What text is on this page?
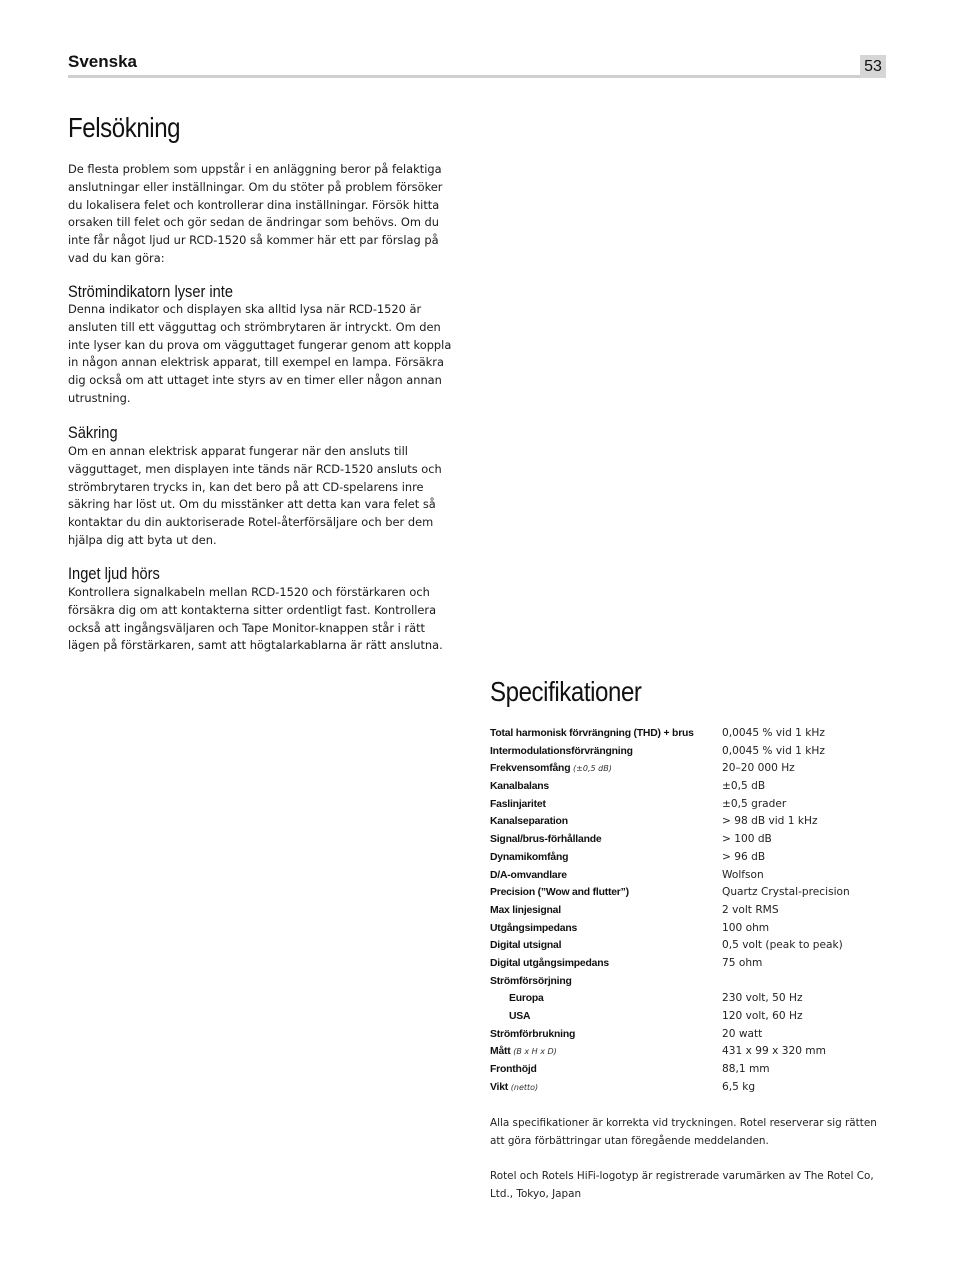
Svenska	53
Felsökning
De flesta problem som uppstår i en anläggning beror på felaktiga anslutningar eller inställningar. Om du stöter på problem försöker du lokalisera felet och kontrollerar dina inställningar. Försök hitta orsaken till felet och gör sedan de ändringar som behövs. Om du inte får något ljud ur RCD-1520 så kommer här ett par förslag på vad du kan göra:
Strömindikatorn lyser inte
Denna indikator och displayen ska alltid lysa när RCD-1520 är ansluten till ett vägguttag och strömbrytaren är intryckt. Om den inte lyser kan du prova om vägguttaget fungerar genom att koppla in någon annan elektrisk apparat, till exempel en lampa. Försäkra dig också om att uttaget inte styrs av en timer eller någon annan utrustning.
Säkring
Om en annan elektrisk apparat fungerar när den ansluts till vägguttaget, men displayen inte tänds när RCD-1520 ansluts och strömbrytaren trycks in, kan det bero på att CD-spelarens inre säkring har löst ut. Om du misstänker att detta kan vara felet så kontaktar du din auktoriserade Rotel-återförsäljare och ber dem hjälpa dig att byta ut den.
Inget ljud hörs
Kontrollera signalkabeln mellan RCD-1520 och förstärkaren och försäkra dig om att kontakterna sitter ordentligt fast. Kontrollera också att ingångsväljaren och Tape Monitor-knappen står i rätt lägen på förstärkaren, samt att högtalarkablarna är rätt anslutna.
Specifikationer
Total harmonisk förvrängning (THD) + brus	0,0045 % vid 1 kHz
Intermodulationsförvrängning	0,0045 % vid 1 kHz
Frekvensomfång (±0,5 dB)	20–20 000 Hz
Kanalbalans	±0,5 dB
Faslinjaritet	±0,5 grader
Kanalseparation	> 98 dB vid 1 kHz
Signal/brus-förhållande	> 100 dB
Dynamikomfång	> 96 dB
D/A-omvandlare	Wolfson
Precision (”Wow and flutter”)	Quartz Crystal-precision
Max linjesignal	2 volt RMS
Utgångsimpedans	100 ohm
Digital utsignal	0,5 volt (peak to peak)
Digital utgångsimpedans	75 ohm
Strömförsörjning	
Europa	230 volt, 50 Hz
USA	120 volt, 60 Hz
Strömförbrukning	20 watt
Mått (B x H x D)	431 x 99 x 320 mm
Fronthöjd	88,1 mm
Vikt (netto)	6,5 kg
Alla specifikationer är korrekta vid tryckningen. Rotel reserverar sig rätten att göra förbättringar utan föregående meddelanden.
Rotel och Rotels HiFi-logotyp är registrerade varumärken av The Rotel Co, Ltd., Tokyo, Japan
